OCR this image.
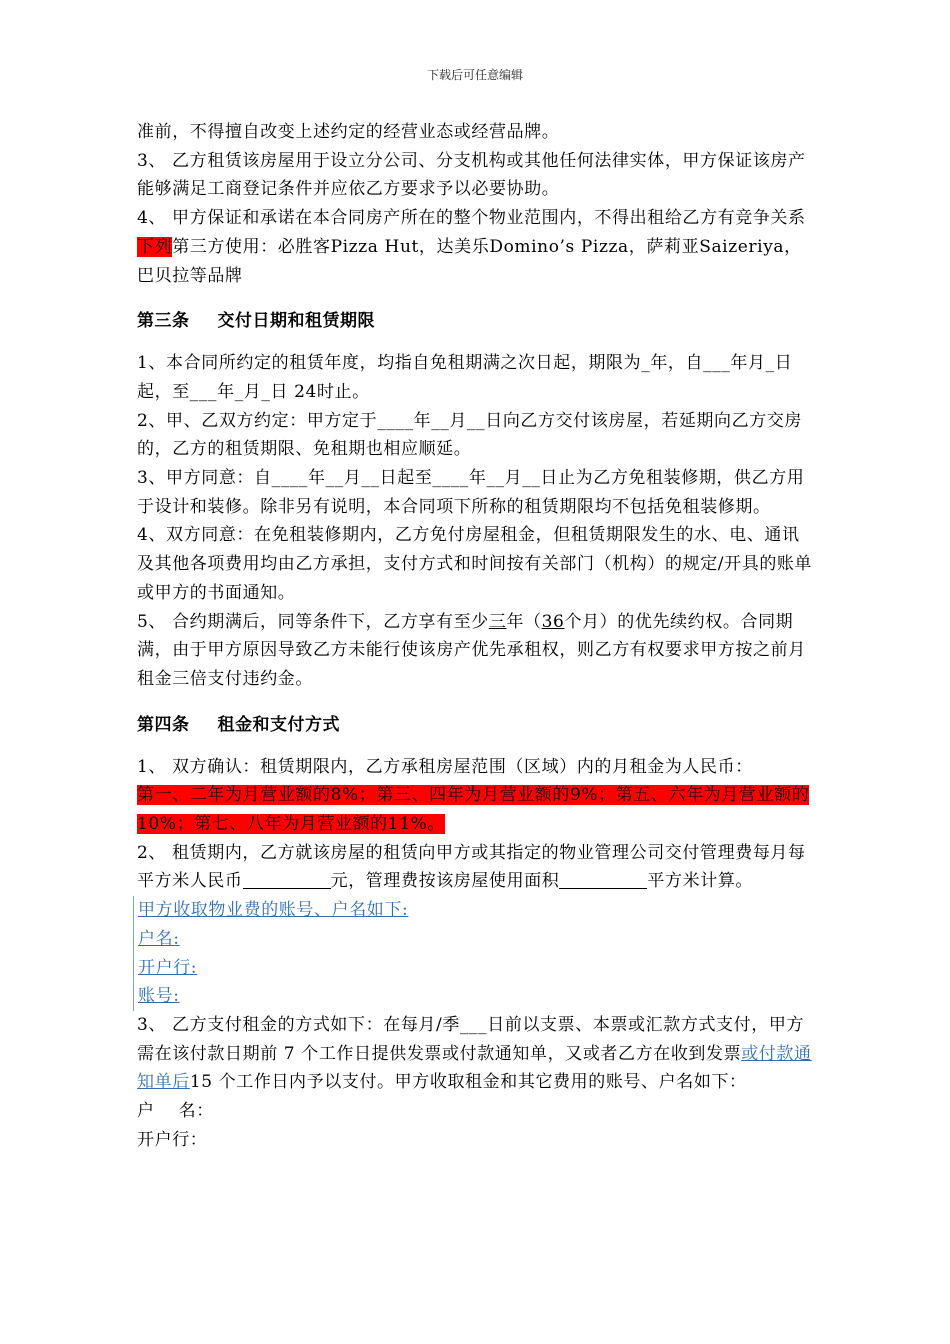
下载后可任意编辑

准前，不得擅自改变上述约定的经营业态或经营品牌。

3、 乙方租赁该房屋用于设立分公司、分支机构或其他任何法律实体，甲方保证该房产能够满足工商登记条件并应依乙方要求予以必要协助。

4、 甲方保证和承诺在本合同房产所在的整个物业范围内，不得出租给乙方有竞争关系下列第三方使用：必胜客Pizza Hut，达美乐Domino’s Pizza，萨莉亚Saizeriya，巴贝拉等品牌

第三条 交付日期和租赁期限

1、本合同所约定的租赁年度，均指自免租期满之次日起，期限为_年，自___年月_日起，至___年_月_日 24时止。

2、甲、乙双方约定：甲方定于____年__月__日向乙方交付该房屋，若延期向乙方交房的，乙方的租赁期限、免租期也相应顺延。

3、甲方同意：自____年__月__日起至____年__月__日止为乙方免租装修期，供乙方用于设计和装修。除非另有说明，本合同项下所称的租赁期限均不包括免租装修期。

4、双方同意：在免租装修期内，乙方免付房屋租金，但租赁期限发生的水、电、通讯及其他各项费用均由乙方承担，支付方式和时间按有关部门（机构）的规定/开具的账单或甲方的书面通知。

5、 合约期满后，同等条件下，乙方享有至少三年（36个月）的优先续约权。合同期满，由于甲方原因导致乙方未能行使该房产优先承租权，则乙方有权要求甲方按之前月租金三倍支付违约金。

第四条 租金和支付方式

1、 双方确认：租赁期限内，乙方承租房屋范围（区域）内的月租金为人民币：

第一、二年为月营业额的8%；第三、四年为月营业额的9%；第五、六年为月营业额的10%；第七、八年为月营业额的11%。

2、 租赁期内，乙方就该房屋的租赁向甲方或其指定的物业管理公司交付管理费每月每平方米人民币	元，管理费按该房屋使用面积	平方米计算。

甲方收取物业费的账号、户名如下:

户名:

开户行:

账号:

3、 乙方支付租金的方式如下：在每月/季___日前以支票、本票或汇款方式支付，甲方需在该付款日期前 7 个工作日提供发票或付款通知单，又或者乙方在收到发票或付款通知单后15 个工作日内予以支付。甲方收取租金和其它费用的账号、户名如下：

户    名：

开户行：
